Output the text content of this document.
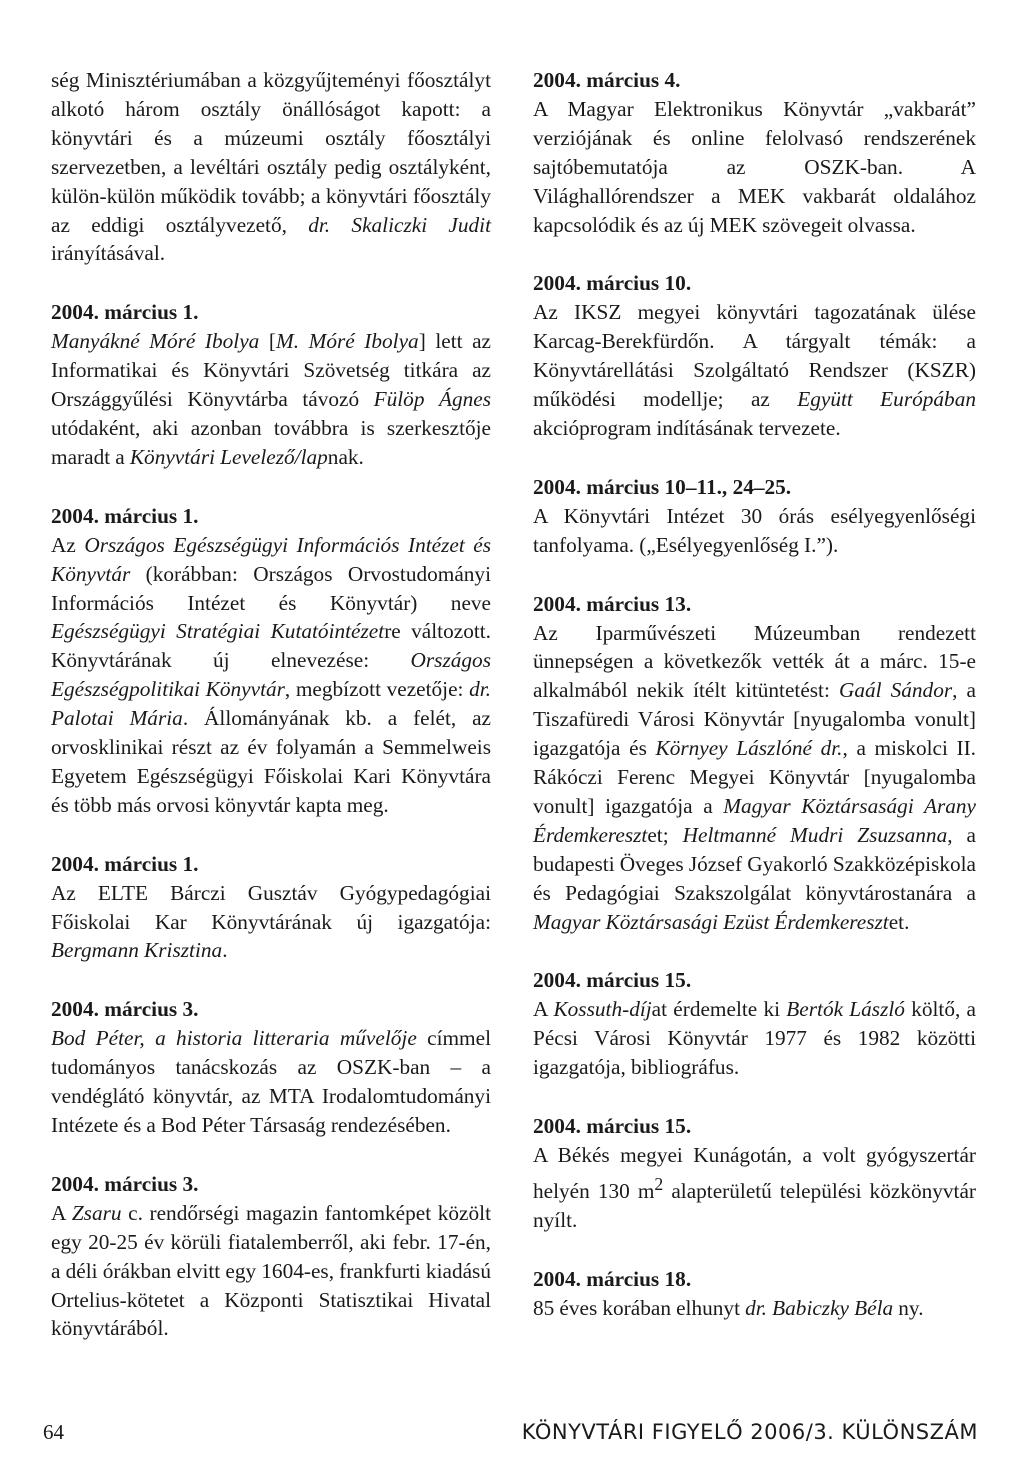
ség Minisztériumában a közgyűjteményi főosztályt alkotó három osztály önállóságot kapott: a könyvtári és a múzeumi osztály főosztályi szervezetben, a levéltári osztály pedig osztályként, külön-külön működik tovább; a könyvtári főosztály az eddigi osztályvezető, dr. Skaliczki Judit irányításával.

2004. március 1.

Manyákné Móré Ibolya [M. Móré Ibolya] lett az Informatikai és Könyvtári Szövetség titkára az Országgyűlési Könyvtárba távozó Fülöp Ágnes utódaként, aki azonban továbbra is szerkesztője maradt a Könyvtári Levelező/lapnak.

2004. március 1.

Az Országos Egészségügyi Információs Intézet és Könyvtár (korábban: Országos Orvostudományi Információs Intézet és Könyvtár) neve Egészségügyi Stratégiai Kutatóintézetre változott. Könyvtárának új elnevezése: Országos Egészségpolitikai Könyvtár, megbízott vezetője: dr. Palotai Mária. Állományának kb. a felét, az orvosklinikai részt az év folyamán a Semmelweis Egyetem Egészségügyi Főiskolai Kari Könyvtára és több más orvosi könyvtár kapta meg.

2004. március 1.

Az ELTE Bárczi Gusztáv Gyógypedagógiai Főiskolai Kar Könyvtárának új igazgatója: Bergmann Krisztina.

2004. március 3.

Bod Péter, a historia litteraria művelője címmel tudományos tanácskozás az OSZK-ban – a vendéglátó könyvtár, az MTA Irodalomtudományi Intézete és a Bod Péter Társaság rendezésében.

2004. március 3.

A Zsaru c. rendőrségi magazin fantomképet közölt egy 20-25 év körüli fiatalemberről, aki febr. 17-én, a déli órákban elvitt egy 1604-es, frankfurti kiadású Ortelius-kötetet a Központi Statisztikai Hivatal könyvtárából.

2004. március 4.

A Magyar Elektronikus Könyvtár „vakbarát” verziójának és online felolvasó rendszerének sajtóbemutatója az OSZK-ban. A Világhallórendszer a MEK vakbarát oldalához kapcsolódik és az új MEK szövegeit olvassa.

2004. március 10.

Az IKSZ megyei könyvtári tagozatának ülése Karcag-Berekfürdőn. A tárgyalt témák: a Könyvtárellátási Szolgáltató Rendszer (KSZR) működési modellje; az Együtt Európában akcióprogram indításának tervezete.

2004. március 10–11., 24–25.

A Könyvtári Intézet 30 órás esélyegyenlőségi tanfolyama. („Esélyegyenlőség I.”).

2004. március 13.

Az Iparművészeti Múzeumban rendezett ünnepségen a következők vették át a márc. 15-e alkalmából nekik ítélt kitüntetést: Gaál Sándor, a Tiszafüredi Városi Könyvtár [nyugalomba vonult] igazgatója és Környey Lászlóné dr., a miskolci II. Rákóczi Ferenc Megyei Könyvtár [nyugalomba vonult] igazgatója a Magyar Köztársasági Arany Érdemkeresztet; Heltmanné Mudri Zsuzsanna, a budapesti Öveges József Gyakorló Szakközépiskola és Pedagógiai Szakszolgálat könyvtárostanára a Magyar Köztársasági Ezüst Érdemkeresztet.

2004. március 15.

A Kossuth-díjat érdemelte ki Bertók László költő, a Pécsi Városi Könyvtár 1977 és 1982 közötti igazgatója, bibliográfus.

2004. március 15.

A Békés megyei Kunágotán, a volt gyógyszertár helyén 130 $m^2$ alapterületű települési közkönyvtár nyílt.

2004. március 18.

85 éves korában elhunyt dr. Babiczky Béla ny.

64	KÖNYVTÁRI FIGYELŐ 2006/3. KÜLÖNSZÁM
